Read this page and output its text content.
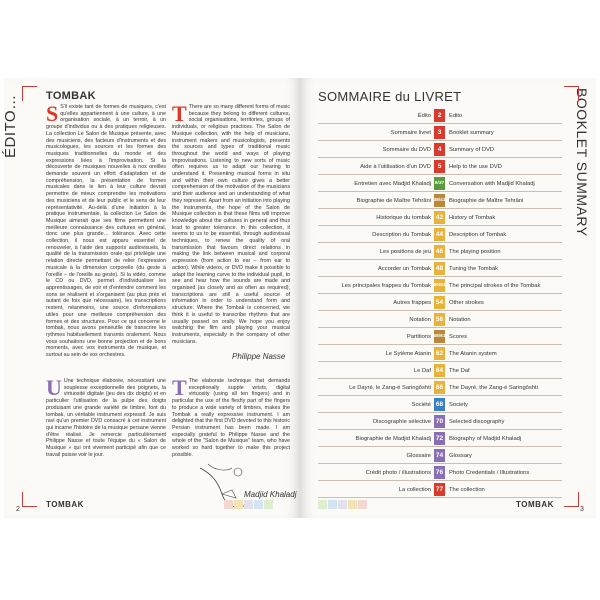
ÉDITO… TOMBAK
S S'il existe tant de formes de musiques, c'est qu'elles appartiennent à une culture, à une organisation sociale, à un terroir, à un groupe d'individus ou à des pratiques religieuses. La collection Le Salon de Musique présente, avec des musiciens, des facteurs d'instruments et des musicologues, les sources et les formes des musiques traditionnelles du monde et des expressions liées à l'improvisation. Si la découverte de musiques nouvelles à nos oreilles demande souvent un effort d'adaptation et de compréhension, la présentation de formes musicales dans le lien à leur culture devrait permettre de mieux comprendre les motivations des musiciens et de leur public et le sens de leur représentativité. Au-delà d'une initiation à la pratique instrumentale, la collection Le Salon de Musique aimerait que ses films permettent une meilleure connaissance des cultures en général, donc une plus grande… tolérance. Avec cette collection, il nous est apparu essentiel de renouveler, à l'aide des supports audiovisuels, la qualité de la transmission orale qui privilégie une relation directe permettant de relier l'expression musicale à la dimension corporelle (du geste à l'oreille – de l'oreille au geste). Si la vidéo, comme le CD ou DVD, permet d'individualiser les apprentissages, de voir et d'entendre comment les sons se réalisent et s'organisent (au plus près et autant de fois que nécessaire), les transcriptions restent, néanmoins, une source d'informations utiles pour une meilleure compréhension des formes et des structures. Pour ce qui concerne le tombak, nous avons penséutile de transcrire les rythmes habituellement transmis oralement. Nous vous souhaitons une bonne projection et de bons moments, avec vos instruments de musique, et surtout au sein de vos orchestres.
U Une technique élaborée, nécessitant une souplesse exceptionnelle des poignets, la virtuosité digitale (jeu des dix doigts) et en particulier l'utilisation de la pulpe des doigts produisant une grande variété de timbre, font du tombak, un véritable instrument expressif. Je suis ravi qu'un premier DVD consacré à cet instrument qui incarne l'histoire de la musique persane vienne d'être réalisé. Je remercie particulièrement Philippe Nasse et toute l'équipe du « Salon de Musique » qui ont vivement participé afin que ce travail puisse voir le jour.
T There are so many different forms of music because they belong to different cultures, social organisations, territories, groups of individuals, or religious practices. The Salon de Musique collection, with the help of musicians, instrument makers and musicologists, presents the sources and types of traditional music throughout the world and ways of playing improvisations. Listening to new sorts of music often requires us to adapt our hearing to understand it. Presenting musical forms in situ and within their own culture gives a better comprehension of the motivation of the musicians and their audience and an understanding of what they represent. Apart from an initiation into playing the instruments, the hope of the Salon de Musique collection is that these films will improve knowledge about the cultures in general and thus lead to greater tolerance. In this collection, it seems to us to be essential, through audiovisual techniques, to renew the quality of oral transmission that favours direct relations in making the link between musical and corporal expression (from action to ear – from ear to action). While videos, or DVD make it possible to adapt the learning curve to the individual pupil, to see and hear how the sounds are made and organised (as closely and as often as required), transcriptions are still a useful source of information in order to understand form and structure. Where the Tombak is concerned, we think it is useful to transcribe rhythms that are usually passed on orally. We hope you enjoy watching the film and playing your musical instruments, especially in the company of other musicians.
Philippe Nasse
T The elaborate technique that demands exceptionally supple wrists, digital virtuosity (using all ten fingers) and in particular the use of the fleshy part of the fingers to produce a wide variety of timbres, makes the Tombak a really expressive instrument. I am delighted that the first DVD devoted to this historic Persian instrument has been made. I am especially grateful to Philippe Nasse and the whole of the "Salon de Musique" team, who have worked so hard together to make this project possible.
Madjid Khaladj
2
TOMBAK
SOMMAIRE du LIVRET	BOOKLET SUMMARY
Édito	2	Edito
Sommaire livret	3	Booklet summary
Sommaire du DVD	4	Summary of DVD
Aide à l'utilisation d'un DVD	5	Help to the use DVD
Entretien avec Madjid Khaladj 6/37 Conversation with Madjid Khaladj
Biographie de Maître Tehrâni 38/41 Biographie de Maître Tehrâni
Historique du tombak 42	History of Tombak
Description du Tombak 44	Description of Tombak
Les positions de jeu 46	The playing position
Accorder un Tombak 48	Tuning the Tombak
Les principales frappes du Tombak 50/53 The principal strokes of the Tombak
Autres frappes 54	Other strokes
Notation 56	Notation
Partitions 58/61 Scores
Le Sytème Atanin 62	The Atanin system
Le Daf 64	The Daf
Le Dayré, le Zang-é Saringôshti 66	The Dayré, the Zang-é Saringôshti
Société 68	Society
Discographie sélective 70	Selected discography
Biographie de Madjid Khaladj 72	Biography of Madjid Khaladj
Glossaire 74	Glossary
Crédit photo / illustrations 76	Photo Credentials / Illustrations
La collection 77	The collection
TOMBAK
3
